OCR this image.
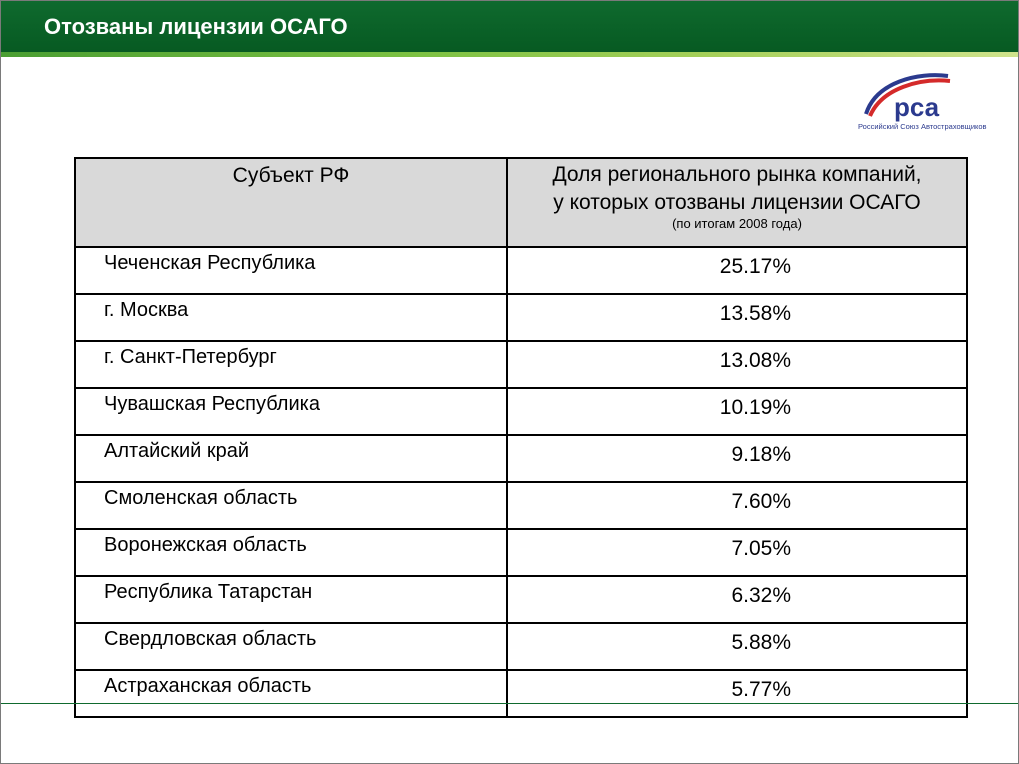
Отозваны лицензии ОСАГО
рса
Российский Союз Автостраховщиков
Субъект РФ	Доля регионального рынка компаний,
у которых отозваны лицензии ОСАГО
(по итогам 2008 года)

Чеченская Республика	25.17%
г. Москва	13.58%
г. Санкт-Петербург	13.08%
Чувашская Республика	10.19%
Алтайский край	9.18%
Смоленская область	7.60%
Воронежская область	7.05%
Республика Татарстан	6.32%
Свердловская область	5.88%
Астраханская область	5.77%
